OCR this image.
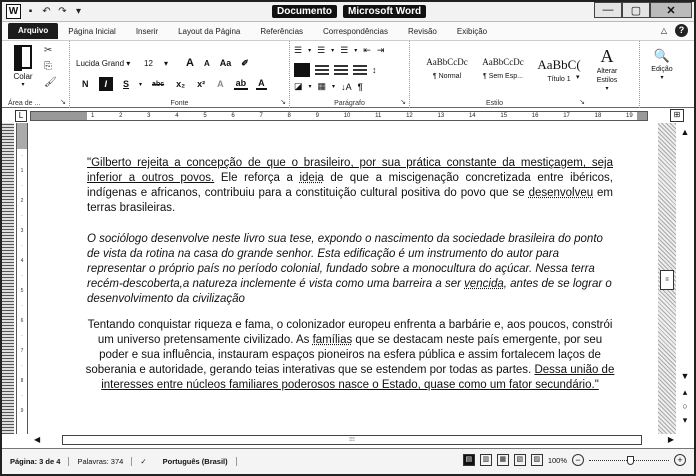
W	▪	↶ ↷ ▾	Documento	Microsoft Word	—	▢	✕
Arquivo	Página Inicial	Inserir	Layout da Página	Referências	Correspondências	Revisão	Exibição	△	?
Colar
▾
✂
⎘
🖌
Área de ...	↘
Lucida Grand ▾	12     ▾	A A Aa ✐
N	I	S	▾ abc x₂ x² A ab A
Fonte	↘
☰ ▾ ☰ ▾ ☰ ▾ ⇤ ⇥
↕
◪ ▾ ▦ ▾ ↓A ¶
Parágrafo	↘
AaBbCcDc
¶ Normal
AaBbCcDc
¶ Sem Esp...
AaBbC(
Título 1 ▾
A
Alterar Estilos
▾
Estilo	↘
🔍
Edição
▾
L	1	2	3	4	5	6	7	8	9	10	11	12	13	14	15	16	17	18	19	⊞
·
1
·
2
·
3
·
4
·
5
·
6
·
7
·
8
·
9

"Gilberto rejeita a concepção de que o brasileiro, por sua prática constante da mestiçagem, seja inferior a outros povos. Ele reforça a ideia de que a miscigenação concretizada entre ibéricos, indígenas e africanos, contribuiu para a constituição cultural positiva do povo que se desenvolveu em terras brasileiras.

O sociólogo desenvolve neste livro sua tese, expondo o nascimento da sociedade brasileira do ponto de vista da rotina na casa do grande senhor. Esta edificação é um instrumento do autor para representar o próprio país no período colonial, fundado sobre a monocultura do açúcar. Nessa terra recém-descoberta,a natureza inclemente é vista como uma barreira a ser vencida, antes de se lograr o desenvolvimento da civilização

Tentando conquistar riqueza e fama, o colonizador europeu enfrenta a barbárie e, aos poucos, constrói um universo pretensamente civilizado. As famílias que se destacam neste país emergente, por seu poder e sua influência, instauram espaços pioneiros na esfera pública e assim fortalecem laços de soberania e autoridade, gerando teias interativas que se estendem por todas as partes. Dessa união de interesses entre núcleos familiares poderosos nasce o Estado, quase como um fator secundário."

≡
▲
▼
▴
○
▾
◀	⁝⁝⁝	▶
Página: 3 de 4	Palavras: 374	✓	Português (Brasil)	▤	▥	▦	▧	▨	100% −	+
